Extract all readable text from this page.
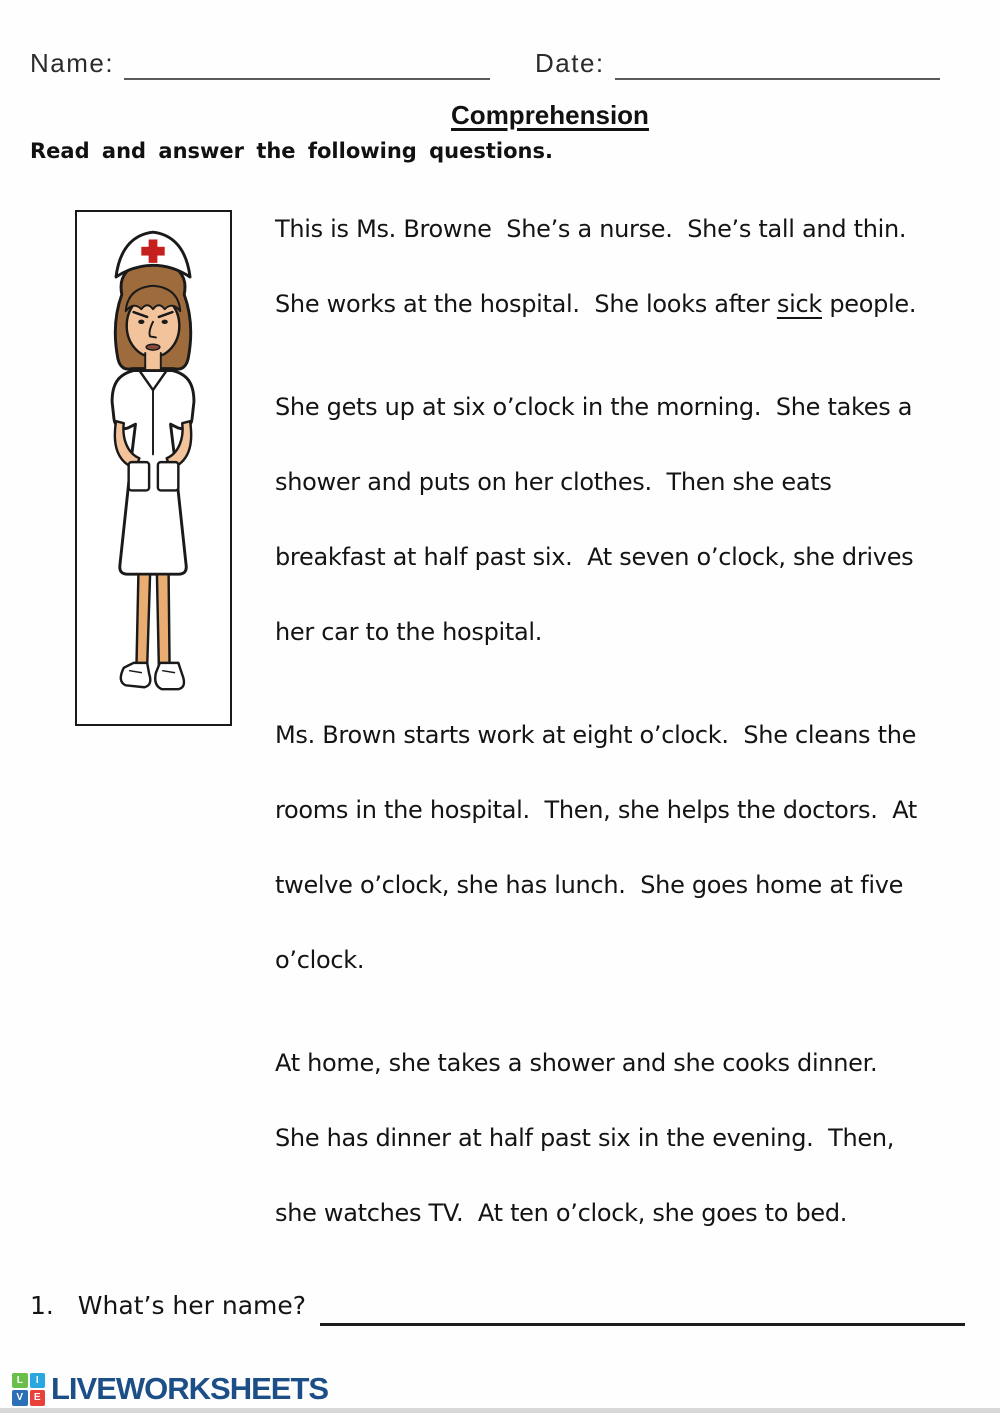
Name:	Date:
Comprehension
Read and answer the following questions.
This is Ms. Browne  She’s a nurse.  She’s tall and thin.
She works at the hospital.  She looks after sick people.
She gets up at six o’clock in the morning.  She takes a
shower and puts on her clothes.  Then she eats
breakfast at half past six.  At seven o’clock, she drives
her car to the hospital.
Ms. Brown starts work at eight o’clock.  She cleans the
rooms in the hospital.  Then, she helps the doctors.  At
twelve o’clock, she has lunch.  She goes home at five
o’clock.
At home, she takes a shower and she cooks dinner.
She has dinner at half past six in the evening.  Then,
she watches TV.  At ten o’clock, she goes to bed.
1. What’s her name?
L	I
V	E LIVEWORKSHEETS
